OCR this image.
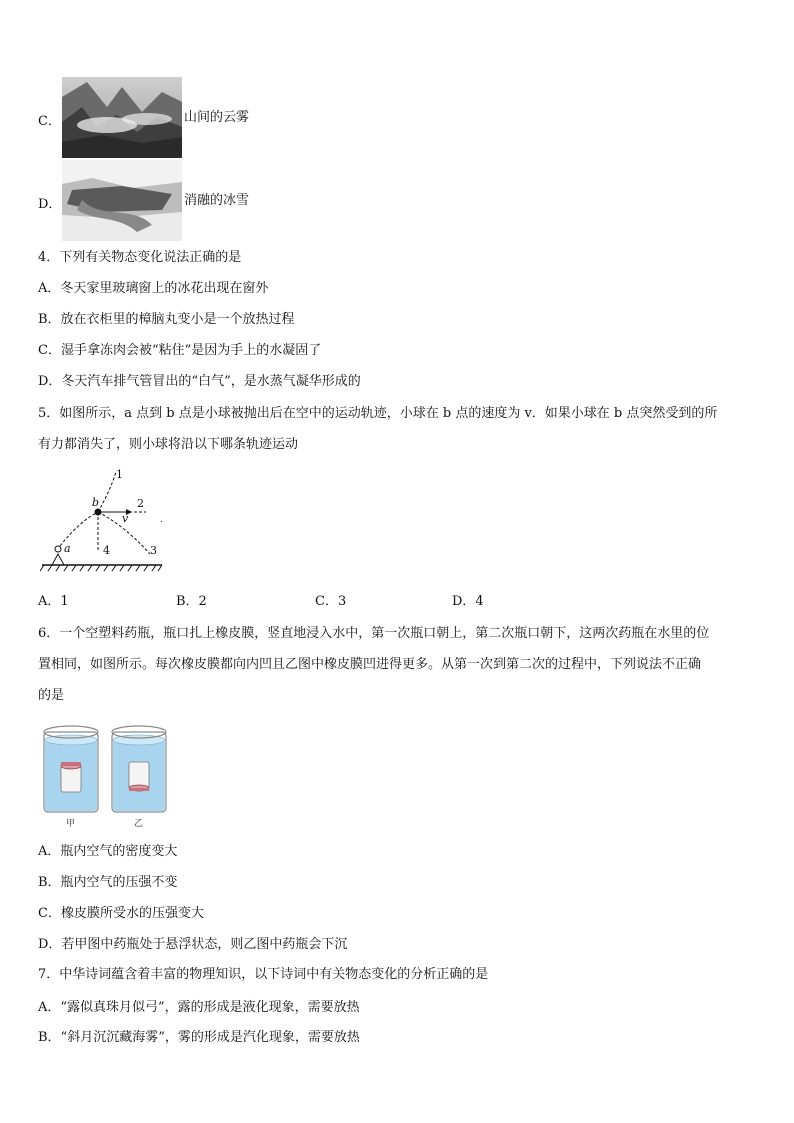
C．	山间的云雾
D．	消融的冰雪
4．下列有关物态变化说法正确的是
A．冬天家里玻璃窗上的冰花出现在窗外
B．放在衣柜里的樟脑丸变小是一个放热过程
C．湿手拿冻肉会被“粘住”是因为手上的水凝固了
D．冬天汽车排气管冒出的“白气”，是水蒸气凝华形成的
5．如图所示，a 点到 b 点是小球被抛出后在空中的运动轨迹，小球在 b 点的速度为 v．如果小球在 b 点突然受到的所
有力都消失了，则小球将沿以下哪条轨迹运动
.
1
2
3
4
b
v
a
A．1	B．2	C．3	D．4
6．一个空塑料药瓶，瓶口扎上橡皮膜，竖直地浸入水中，第一次瓶口朝上，第二次瓶口朝下，这两次药瓶在水里的位
置相同，如图所示。每次橡皮膜都向内凹且乙图中橡皮膜凹进得更多。从第一次到第二次的过程中，下列说法不正确
的是
甲	乙
A．瓶内空气的密度变大
B．瓶内空气的压强不变
C．橡皮膜所受水的压强变大
D．若甲图中药瓶处于悬浮状态，则乙图中药瓶会下沉
7．中华诗词蕴含着丰富的物理知识，以下诗词中有关物态变化的分析正确的是
A．“露似真珠月似弓”，露的形成是液化现象，需要放热
B．“斜月沉沉藏海雾”，雾的形成是汽化现象，需要放热
